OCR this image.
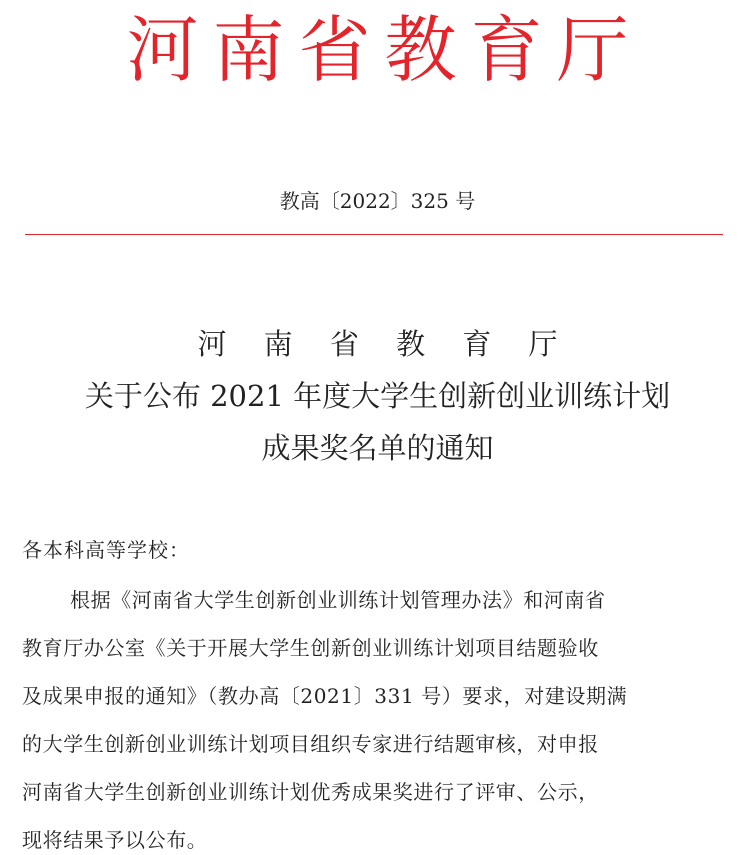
河南省教育厅
教高〔2022〕325 号
河 南 省 教 育 厅
关于公布 2021 年度大学生创新创业训练计划
成果奖名单的通知
各本科高等学校：
根据《河南省大学生创新创业训练计划管理办法》和河南省
教育厅办公室《关于开展大学生创新创业训练计划项目结题验收
及成果申报的通知》（教办高〔2021〕331 号）要求，对建设期满
的大学生创新创业训练计划项目组织专家进行结题审核，对申报
河南省大学生创新创业训练计划优秀成果奖进行了评审、公示，
现将结果予以公布。
